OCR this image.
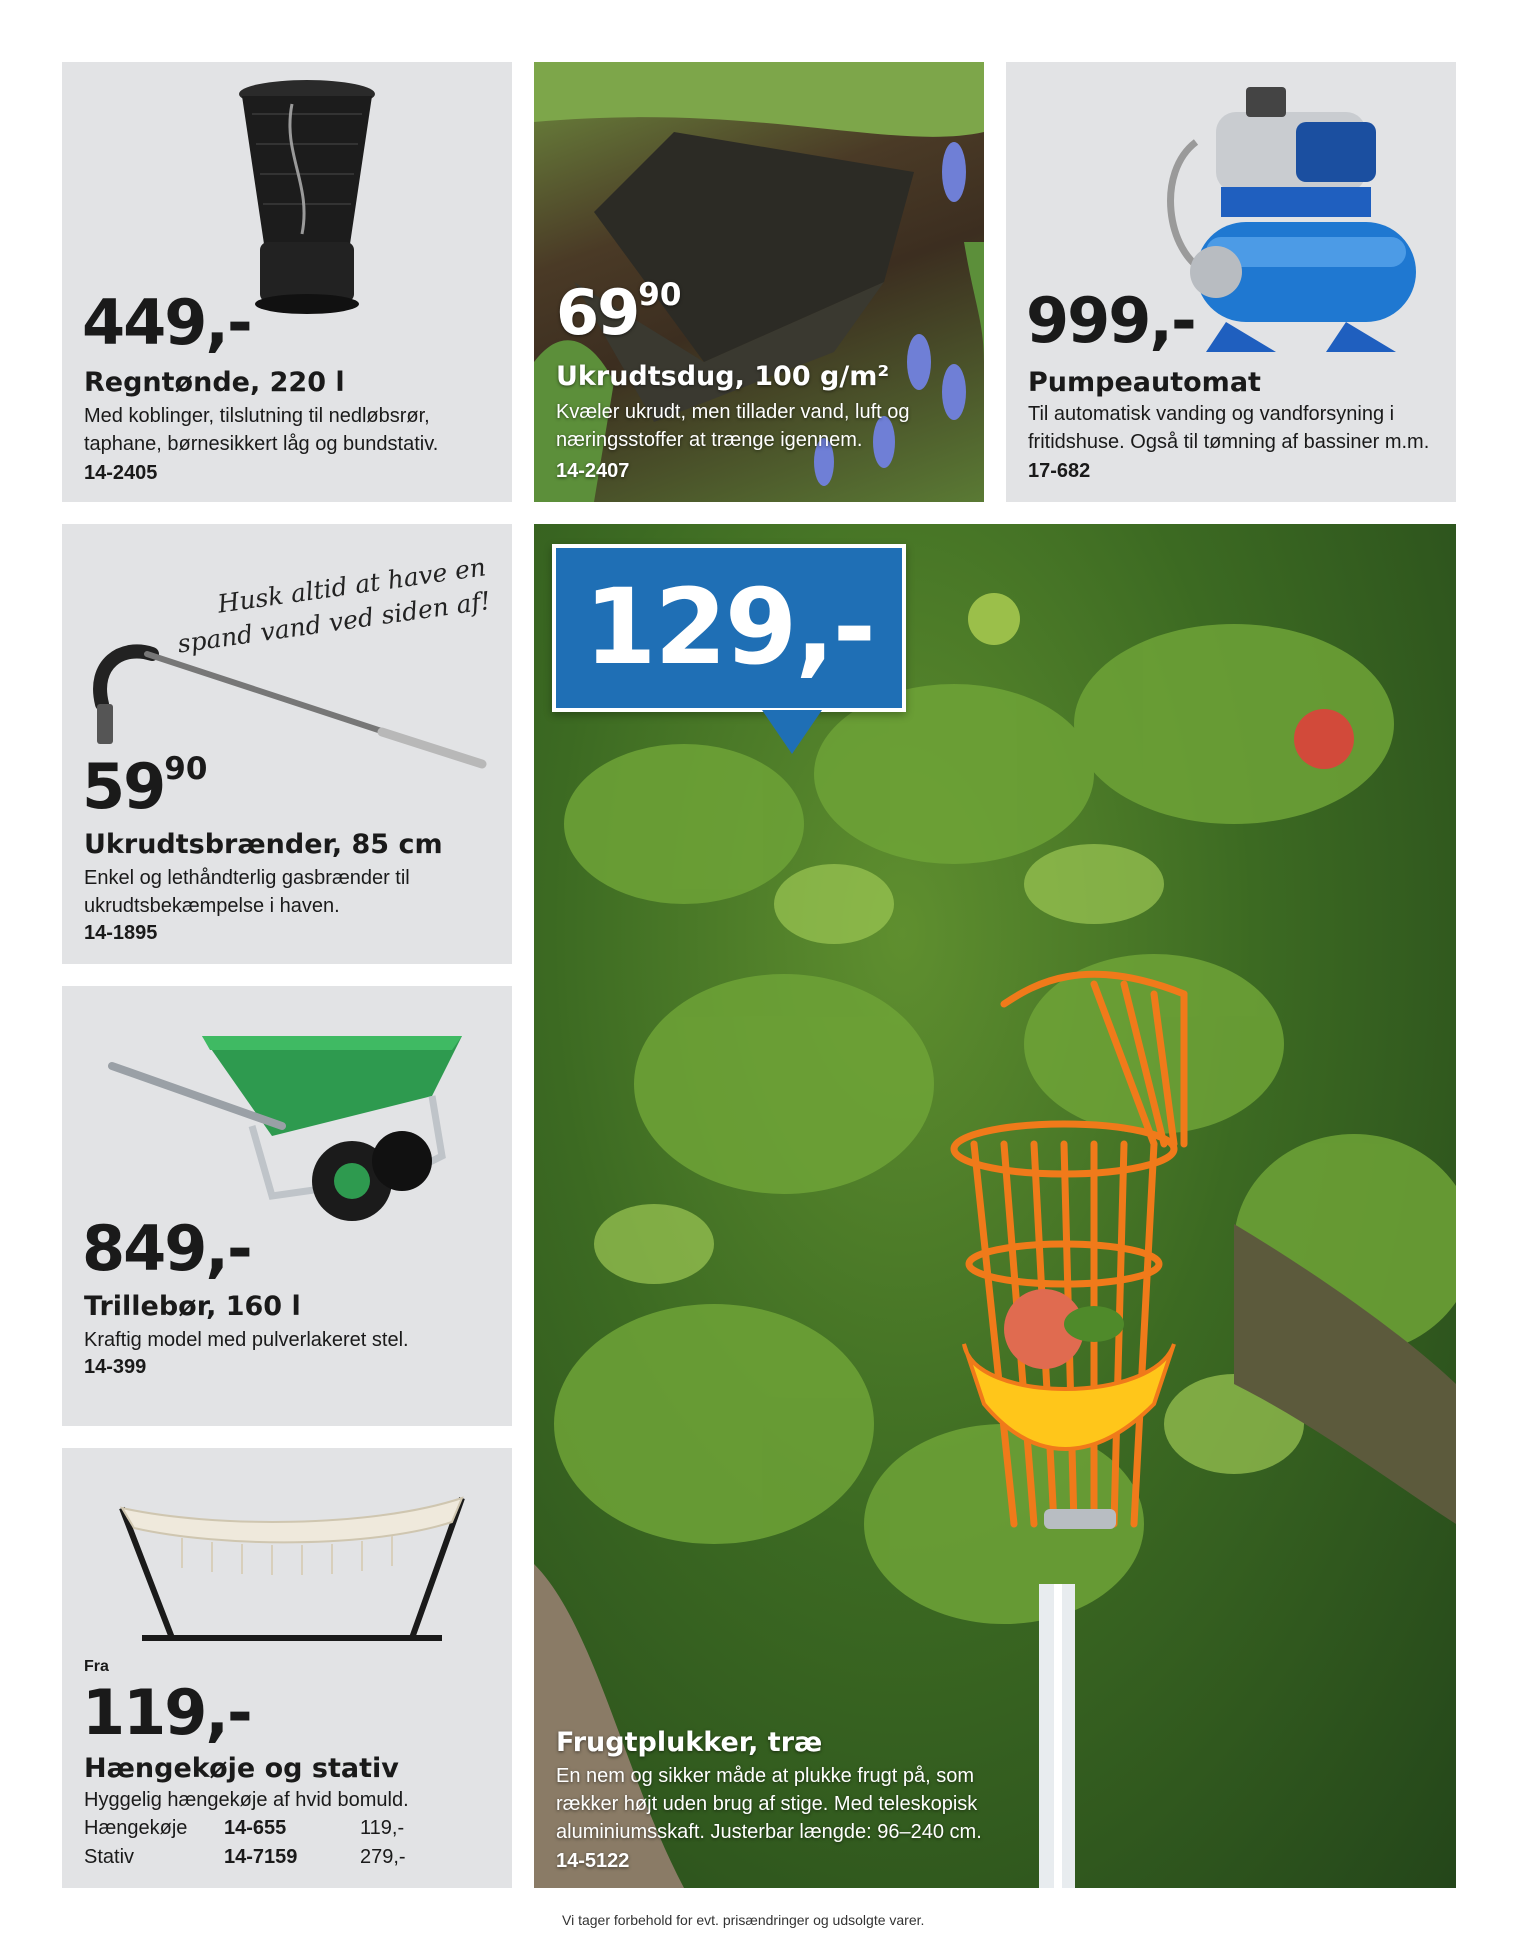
449,-
Regntønde, 220 l
Med koblinger, tilslutning til nedløbsrør, taphane, børnesikkert låg og bundstativ.
14-2405
$69^{90}$
Ukrudtsdug, 100 g/m²
Kvæler ukrudt, men tillader vand, luft og næringsstoffer at trænge igennem.
14-2407
999,-
Pumpeautomat
Til automatisk vanding og vandforsyning i fritidshuse. Også til tømning af bassiner m.m.
17-682
Husk altid at have en spand vand ved siden af!
$59^{90}$
Ukrudtsbrænder, 85 cm
Enkel og lethåndterlig gasbrænder til ukrudtsbekæmpelse i haven.
14-1895
849,-
Trillebør, 160 l
Kraftig model med pulverlakeret stel.
14-399
Fra
119,-
Hængekøje og stativ
Hyggelig hængekøje af hvid bomuld.
Hængekøje	14-655	119,-
Stativ	14-7159	279,-
129,-
Frugtplukker, træ
En nem og sikker måde at plukke frugt på, som rækker højt uden brug af stige. Med teleskopisk aluminiumsskaft. Justerbar længde: 96–240 cm.
14-5122
Vi tager forbehold for evt. prisændringer og udsolgte varer.
